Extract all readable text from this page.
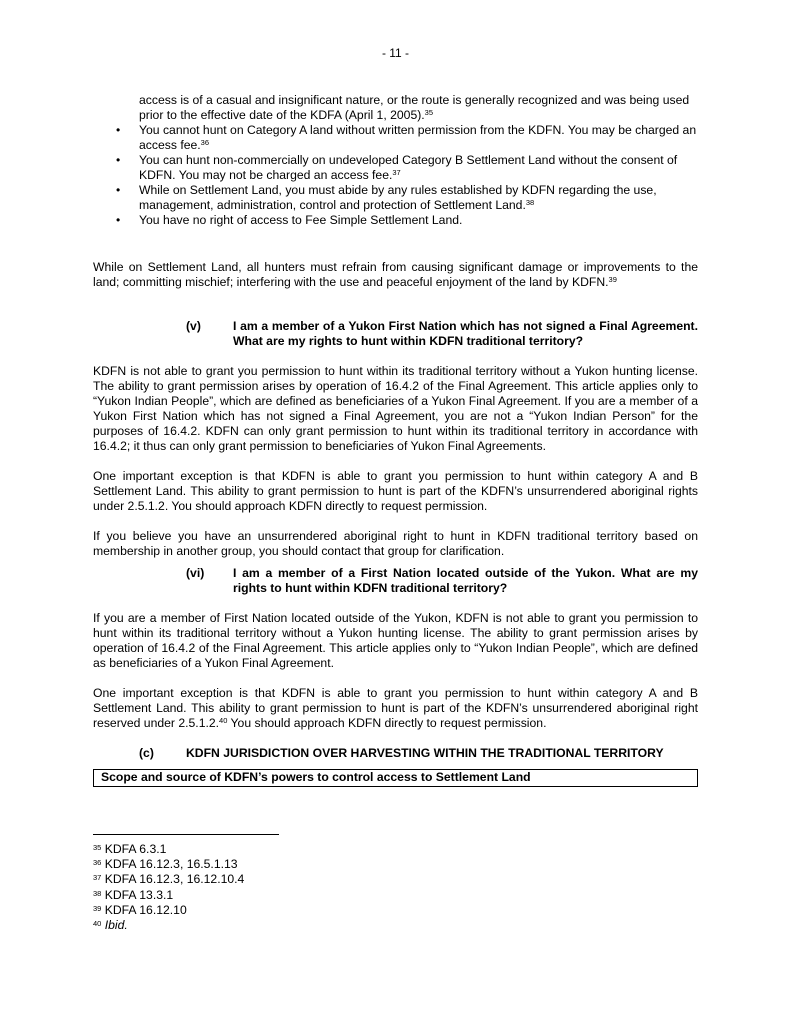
- 11 -

access is of a casual and insignificant nature, or the route is generally recognized and was being used prior to the effective date of the KDFA (April 1, 2005).$^{35}$

• You cannot hunt on Category A land without written permission from the KDFN. You may be charged an access fee.$^{36}$
• You can hunt non-commercially on undeveloped Category B Settlement Land without the consent of KDFN. You may not be charged an access fee.$^{37}$
• While on Settlement Land, you must abide by any rules established by KDFN regarding the use, management, administration, control and protection of Settlement Land.$^{38}$
• You have no right of access to Fee Simple Settlement Land.

While on Settlement Land, all hunters must refrain from causing significant damage or improvements to the land; committing mischief; interfering with the use and peaceful enjoyment of the land by KDFN.$^{39}$

(v)	I am a member of a Yukon First Nation which has not signed a Final Agreement. What are my rights to hunt within KDFN traditional territory?

KDFN is not able to grant you permission to hunt within its traditional territory without a Yukon hunting license. The ability to grant permission arises by operation of 16.4.2 of the Final Agreement. This article applies only to “Yukon Indian People”, which are defined as beneficiaries of a Yukon Final Agreement. If you are a member of a Yukon First Nation which has not signed a Final Agreement, you are not a “Yukon Indian Person” for the purposes of 16.4.2. KDFN can only grant permission to hunt within its traditional territory in accordance with 16.4.2; it thus can only grant permission to beneficiaries of Yukon Final Agreements.

One important exception is that KDFN is able to grant you permission to hunt within category A and B Settlement Land. This ability to grant permission to hunt is part of the KDFN’s unsurrendered aboriginal rights under 2.5.1.2. You should approach KDFN directly to request permission.

If you believe you have an unsurrendered aboriginal right to hunt in KDFN traditional territory based on membership in another group, you should contact that group for clarification.

(vi) I am a member of a First Nation located outside of the Yukon. What are my rights to hunt within KDFN traditional territory?

If you are a member of First Nation located outside of the Yukon, KDFN is not able to grant you permission to hunt within its traditional territory without a Yukon hunting license. The ability to grant permission arises by operation of 16.4.2 of the Final Agreement. This article applies only to “Yukon Indian People”, which are defined as beneficiaries of a Yukon Final Agreement.

One important exception is that KDFN is able to grant you permission to hunt within category A and B Settlement Land. This ability to grant permission to hunt is part of the KDFN’s unsurrendered aboriginal right reserved under 2.5.1.2.40 You should approach KDFN directly to request permission.

(c)	KDFN JURISDICTION OVER HARVESTING WITHIN THE TRADITIONAL TERRITORY
Scope and source of KDFN’s powers to control access to Settlement Land
$^{35}$ KDFA 6.3.1
$^{36}$ KDFA 16.12.3, 16.5.1.13
$^{37}$ KDFA 16.12.3, 16.12.10.4
$^{38}$ KDFA 13.3.1
$^{39}$ KDFA 16.12.10
$^{40}$ Ibid.
